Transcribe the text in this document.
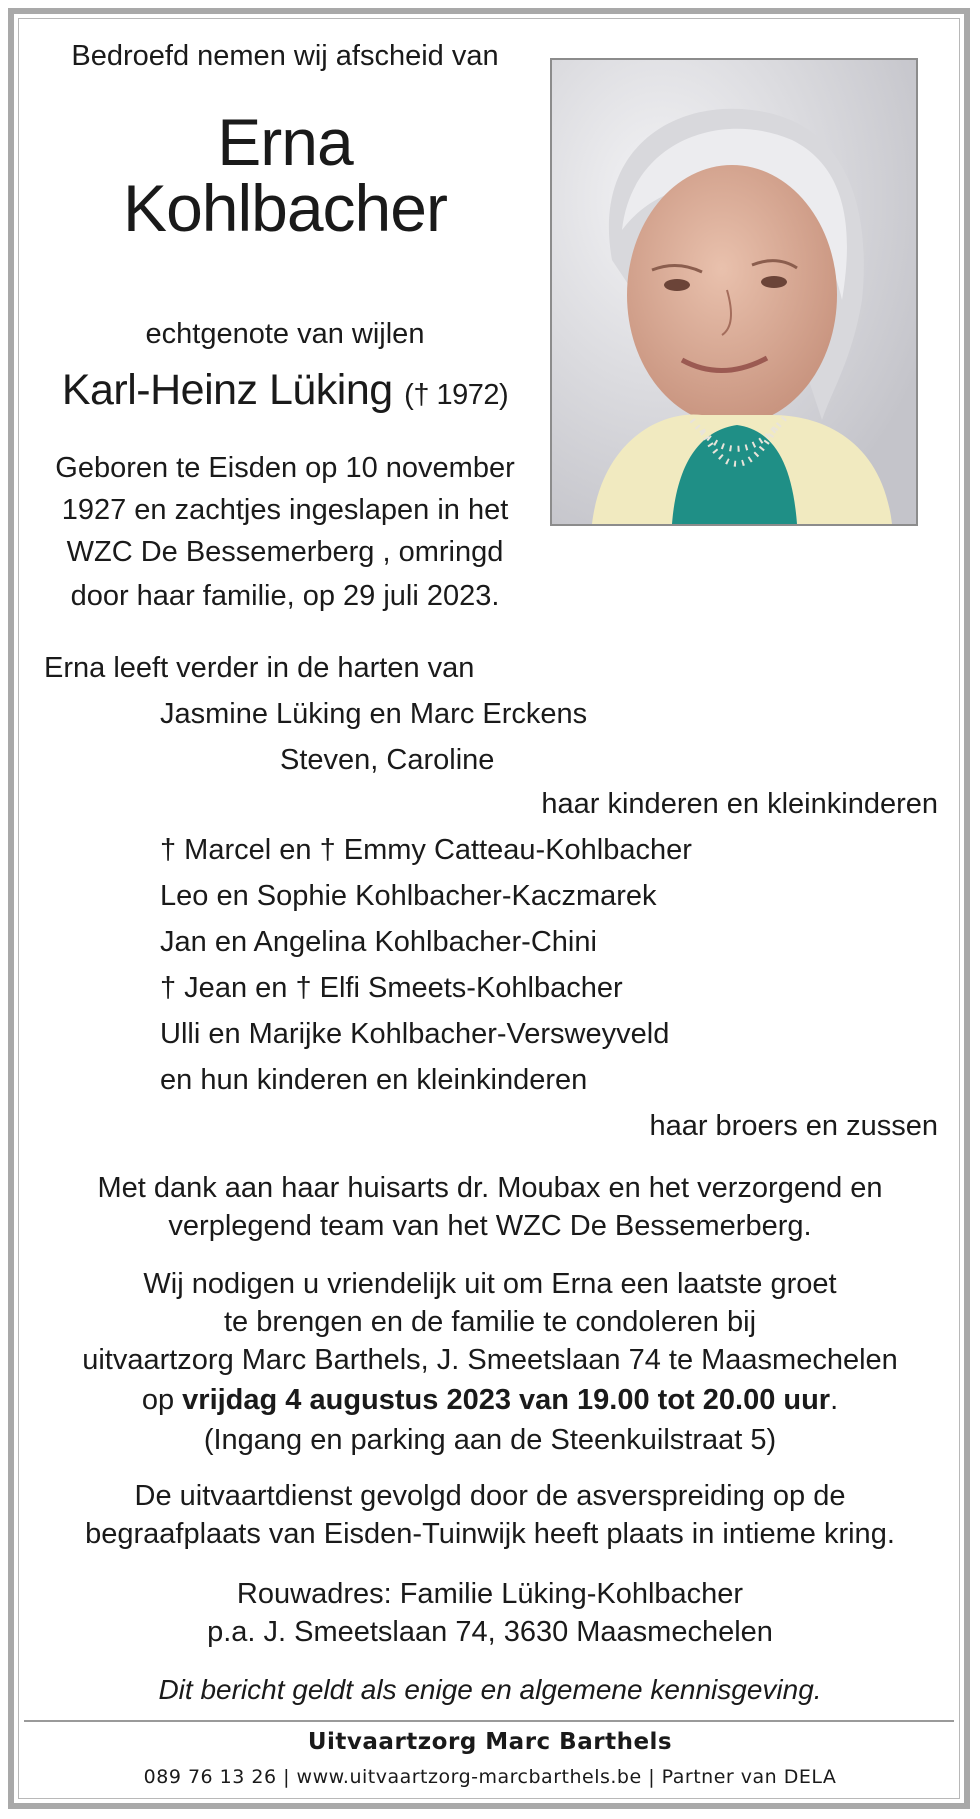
Bedroefd nemen wij afscheid van
Erna
Kohlbacher
echtgenote van wijlen
Karl-Heinz Lüking († 1972)
Geboren te Eisden op 10 november
1927 en zachtjes ingeslapen in het
WZC De Bessemerberg , omringd
door haar familie, op 29 juli 2023.
Erna leeft verder in de harten van
Jasmine Lüking en Marc Erckens
Steven, Caroline
haar kinderen en kleinkinderen
† Marcel en † Emmy Catteau-Kohlbacher
Leo en Sophie Kohlbacher-Kaczmarek
Jan en Angelina Kohlbacher-Chini
† Jean en † Elfi Smeets-Kohlbacher
Ulli en Marijke Kohlbacher-Versweyveld
en hun kinderen en kleinkinderen
haar broers en zussen
Met dank aan haar huisarts dr. Moubax en het verzorgend en
verplegend team van het WZC De Bessemerberg.
Wij nodigen u vriendelijk uit om Erna een laatste groet
te brengen en de familie te condoleren bij
uitvaartzorg Marc Barthels, J. Smeetslaan 74 te Maasmechelen
op vrijdag 4 augustus 2023 van 19.00 tot 20.00 uur.
(Ingang en parking aan de Steenkuilstraat 5)
De uitvaartdienst gevolgd door de asverspreiding op de
begraafplaats van Eisden-Tuinwijk heeft plaats in intieme kring.
Rouwadres: Familie Lüking-Kohlbacher
p.a. J. Smeetslaan 74, 3630 Maasmechelen
Dit bericht geldt als enige en algemene kennisgeving.
Uitvaartzorg Marc Barthels
089 76 13 26 | www.uitvaartzorg-marcbarthels.be | Partner van DELA
